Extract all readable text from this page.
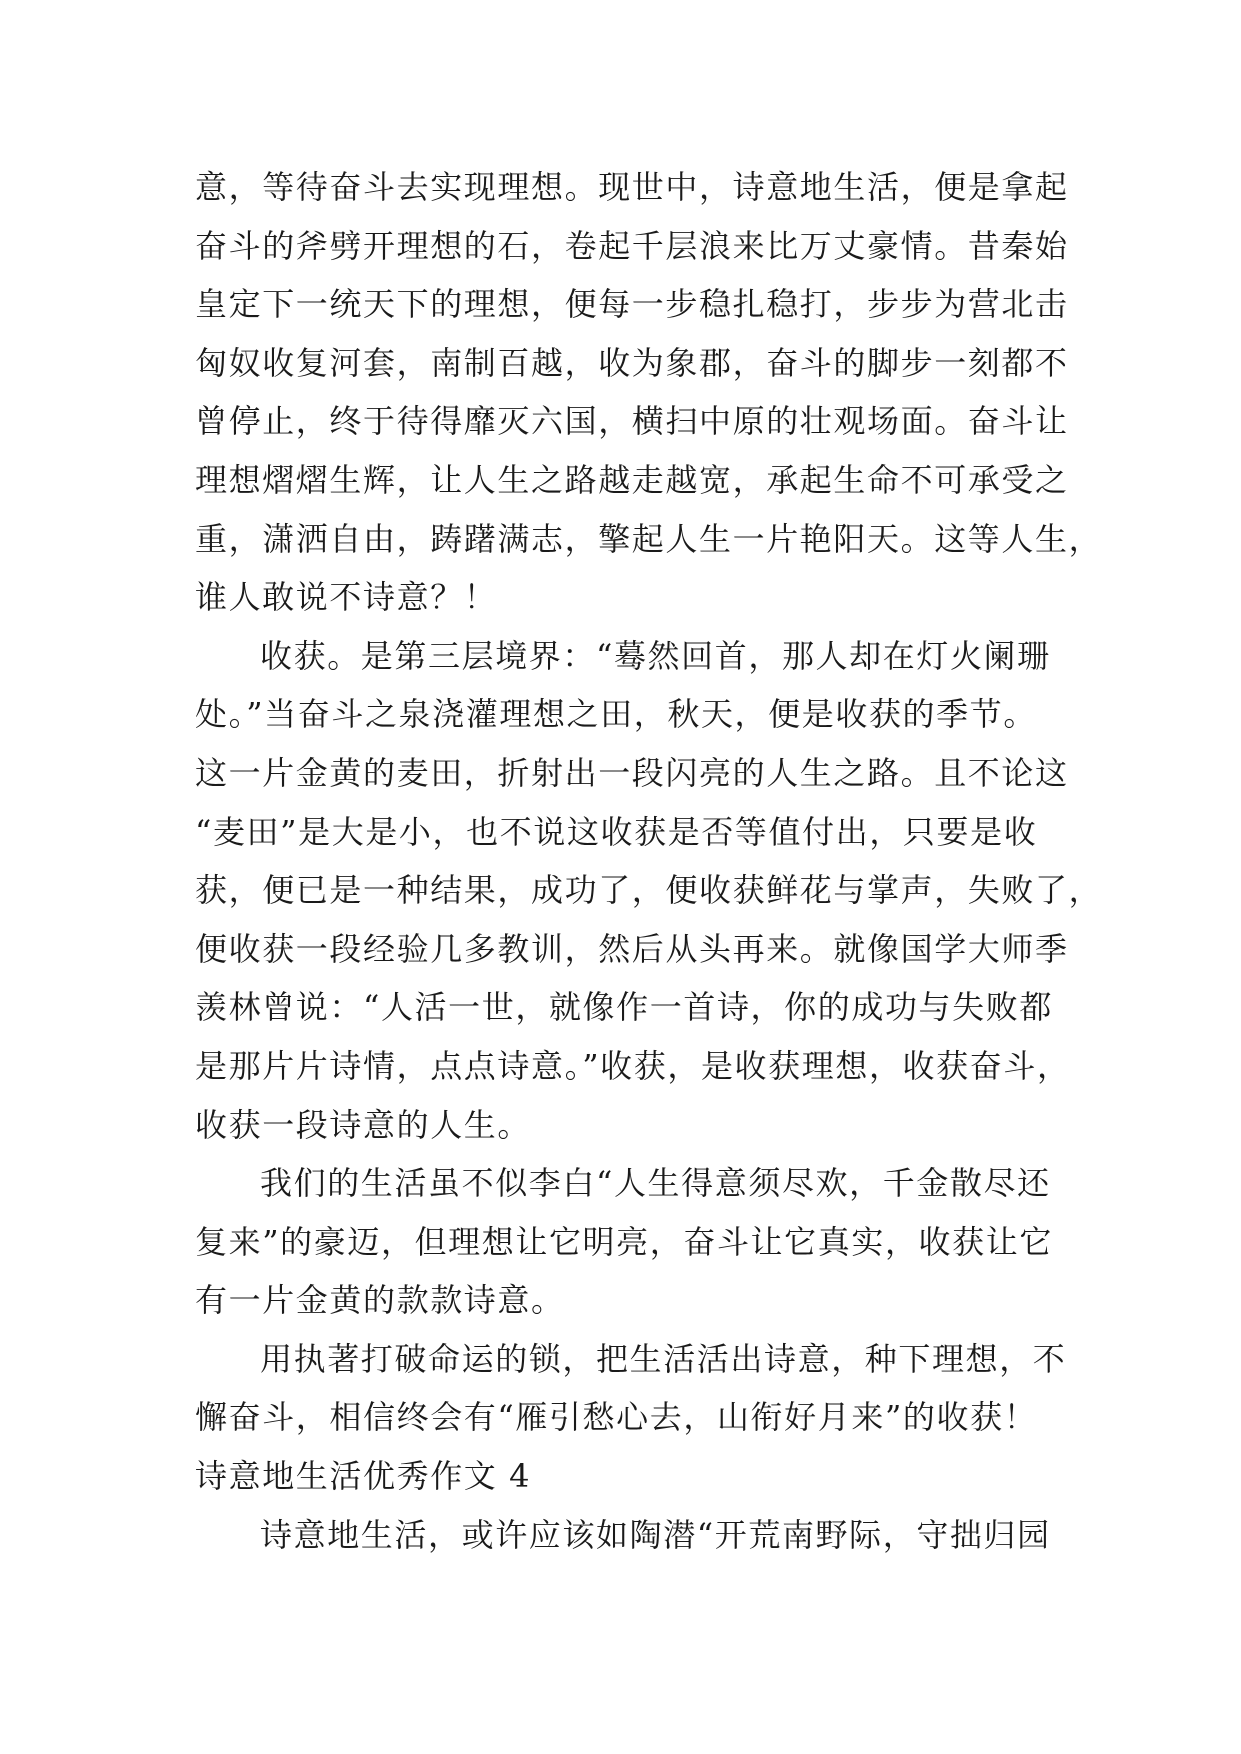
意，等待奋斗去实现理想。现世中，诗意地生活，便是拿起
奋斗的斧劈开理想的石，卷起千层浪来比万丈豪情。昔秦始
皇定下一统天下的理想，便每一步稳扎稳打，步步为营北击
匈奴收复河套，南制百越，收为象郡，奋斗的脚步一刻都不
曾停止，终于待得靡灭六国，横扫中原的壮观场面。奋斗让
理想熠熠生辉，让人生之路越走越宽，承起生命不可承受之
重，潇洒自由，踌躇满志，擎起人生一片艳阳天。这等人生，
谁人敢说不诗意？！
收获。是第三层境界：“蓦然回首，那人却在灯火阑珊
处。”当奋斗之泉浇灌理想之田，秋天，便是收获的季节。
这一片金黄的麦田，折射出一段闪亮的人生之路。且不论这
“麦田”是大是小，也不说这收获是否等值付出，只要是收
获，便已是一种结果，成功了，便收获鲜花与掌声，失败了，
便收获一段经验几多教训，然后从头再来。就像国学大师季
羡林曾说：“人活一世，就像作一首诗，你的成功与失败都
是那片片诗情，点点诗意。”收获，是收获理想，收获奋斗，
收获一段诗意的人生。
我们的生活虽不似李白“人生得意须尽欢，千金散尽还
复来”的豪迈，但理想让它明亮，奋斗让它真实，收获让它
有一片金黄的款款诗意。
用执著打破命运的锁，把生活活出诗意，种下理想，不
懈奋斗，相信终会有“雁引愁心去，山衔好月来”的收获！
诗意地生活优秀作文 4
诗意地生活，或许应该如陶潜“开荒南野际，守拙归园
